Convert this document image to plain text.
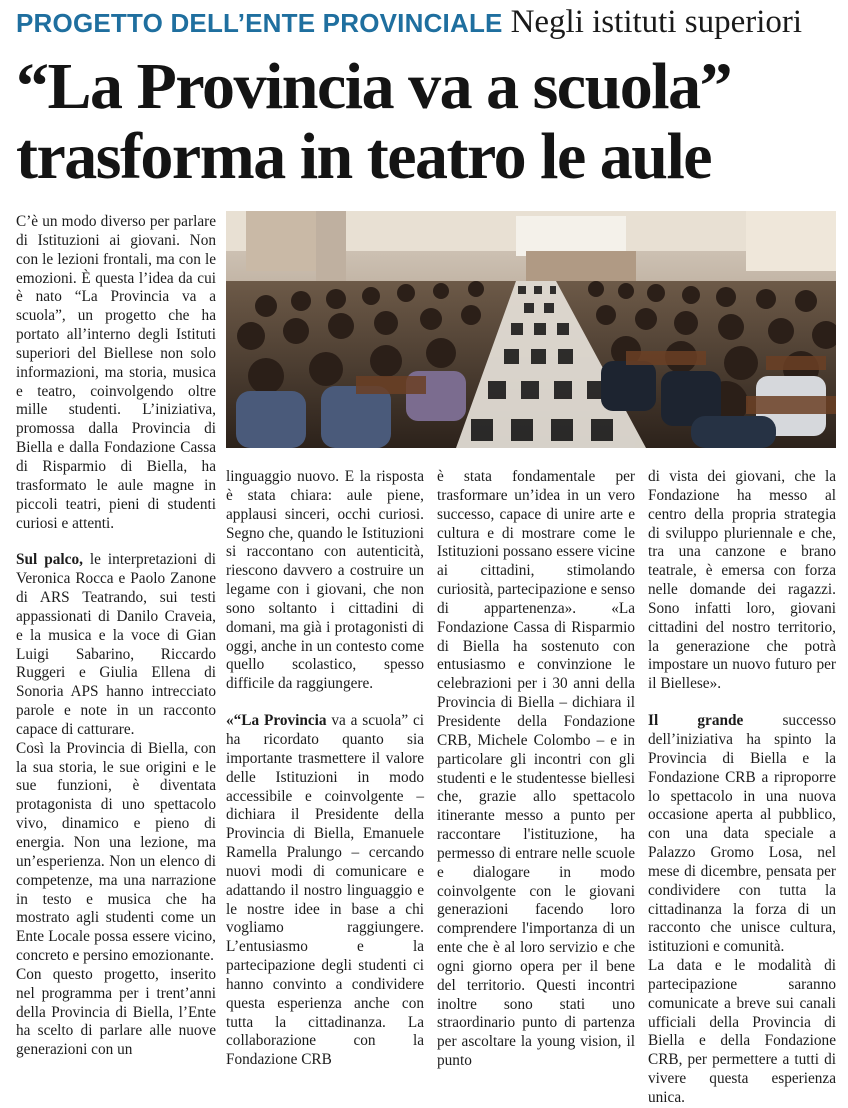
PROGETTO DELL’ENTE PROVINCIALE Negli istituti superiori
“La Provincia va a scuola”
trasforma in teatro le aule

C’è un modo diverso per parlare di Istituzioni ai giovani. Non con le lezioni frontali, ma con le emozioni. È questa l’idea da cui è nato “La Provincia va a scuola”, un progetto che ha portato all’interno degli Istituti superiori del Biellese non solo informazioni, ma storia, musica e teatro, coinvolgendo oltre mille studenti. L’iniziativa, promossa dalla Provincia di Biella e dalla Fondazione Cassa di Risparmio di Biella, ha trasformato le aule magne in piccoli teatri, pieni di studenti curiosi e attenti.

Sul palco, le interpretazioni di Veronica Rocca e Paolo Zanone di ARS Teatrando, sui testi appassionati di Danilo Craveia, e la musica e la voce di Gian Luigi Sabarino, Riccardo Ruggeri e Giulia Ellena di Sonoria APS hanno intrecciato parole e note in un racconto capace di catturare.

Così la Provincia di Biella, con la sua storia, le sue origini e le sue funzioni, è diventata protagonista di uno spettacolo vivo, dinamico e pieno di energia. Non una lezione, ma un’esperienza. Non un elenco di competenze, ma una narrazione in testo e musica che ha mostrato agli studenti come un Ente Locale possa essere vicino, concreto e persino emozionante.

Con questo progetto, inserito nel programma per i trent’anni della Provincia di Biella, l’Ente ha scelto di parlare alle nuove generazioni con un

linguaggio nuovo. E la risposta è stata chiara: aule piene, applausi sinceri, occhi curiosi. Segno che, quando le Istituzioni si raccontano con autenticità, riescono davvero a costruire un legame con i giovani, che non sono soltanto i cittadini di domani, ma già i protagonisti di oggi, anche in un contesto come quello scolastico, spesso difficile da raggiungere.

«“La Provincia va a scuola” ci ha ricordato quanto sia importante trasmettere il valore delle Istituzioni in modo accessibile e coinvolgente – dichiara il Presidente della Provincia di Biella, Emanuele Ramella Pralungo – cercando nuovi modi di comunicare e adattando il nostro linguaggio e le nostre idee in base a chi vogliamo raggiungere. L’entusiasmo e la partecipazione degli studenti ci hanno convinto a condividere questa esperienza anche con tutta la cittadinanza. La collaborazione con la Fondazione CRB

è stata fondamentale per trasformare un’idea in un vero successo, capace di unire arte e cultura e di mostrare come le Istituzioni possano essere vicine ai cittadini, stimolando curiosità, partecipazione e senso di appartenenza». «La Fondazione Cassa di Risparmio di Biella ha sostenuto con entusiasmo e convinzione le celebrazioni per i 30 anni della Provincia di Biella – dichiara il Presidente della Fondazione CRB, Michele Colombo – e in particolare gli incontri con gli studenti e le studentesse biellesi che, grazie allo spettacolo itinerante messo a punto per raccontare l'istituzione, ha permesso di entrare nelle scuole e dialogare in modo coinvolgente con le giovani generazioni facendo loro comprendere l'importanza di un ente che è al loro servizio e che ogni giorno opera per il bene del territorio. Questi incontri inoltre sono stati uno straordinario punto di partenza per ascoltare la young vision, il punto

di vista dei giovani, che la Fondazione ha messo al centro della propria strategia di sviluppo pluriennale e che, tra una canzone e brano teatrale, è emersa con forza nelle domande dei ragazzi. Sono infatti loro, giovani cittadini del nostro territorio, la generazione che potrà impostare un nuovo futuro per il Biellese».

Il grande successo dell’iniziativa ha spinto la Provincia di Biella e la Fondazione CRB a riproporre lo spettacolo in una nuova occasione aperta al pubblico, con una data speciale a Palazzo Gromo Losa, nel mese di dicembre, pensata per condividere con tutta la cittadinanza la forza di un racconto che unisce cultura, istituzioni e comunità.

La data e le modalità di partecipazione saranno comunicate a breve sui canali ufficiali della Provincia di Biella e della Fondazione CRB, per permettere a tutti di vivere questa esperienza unica.
